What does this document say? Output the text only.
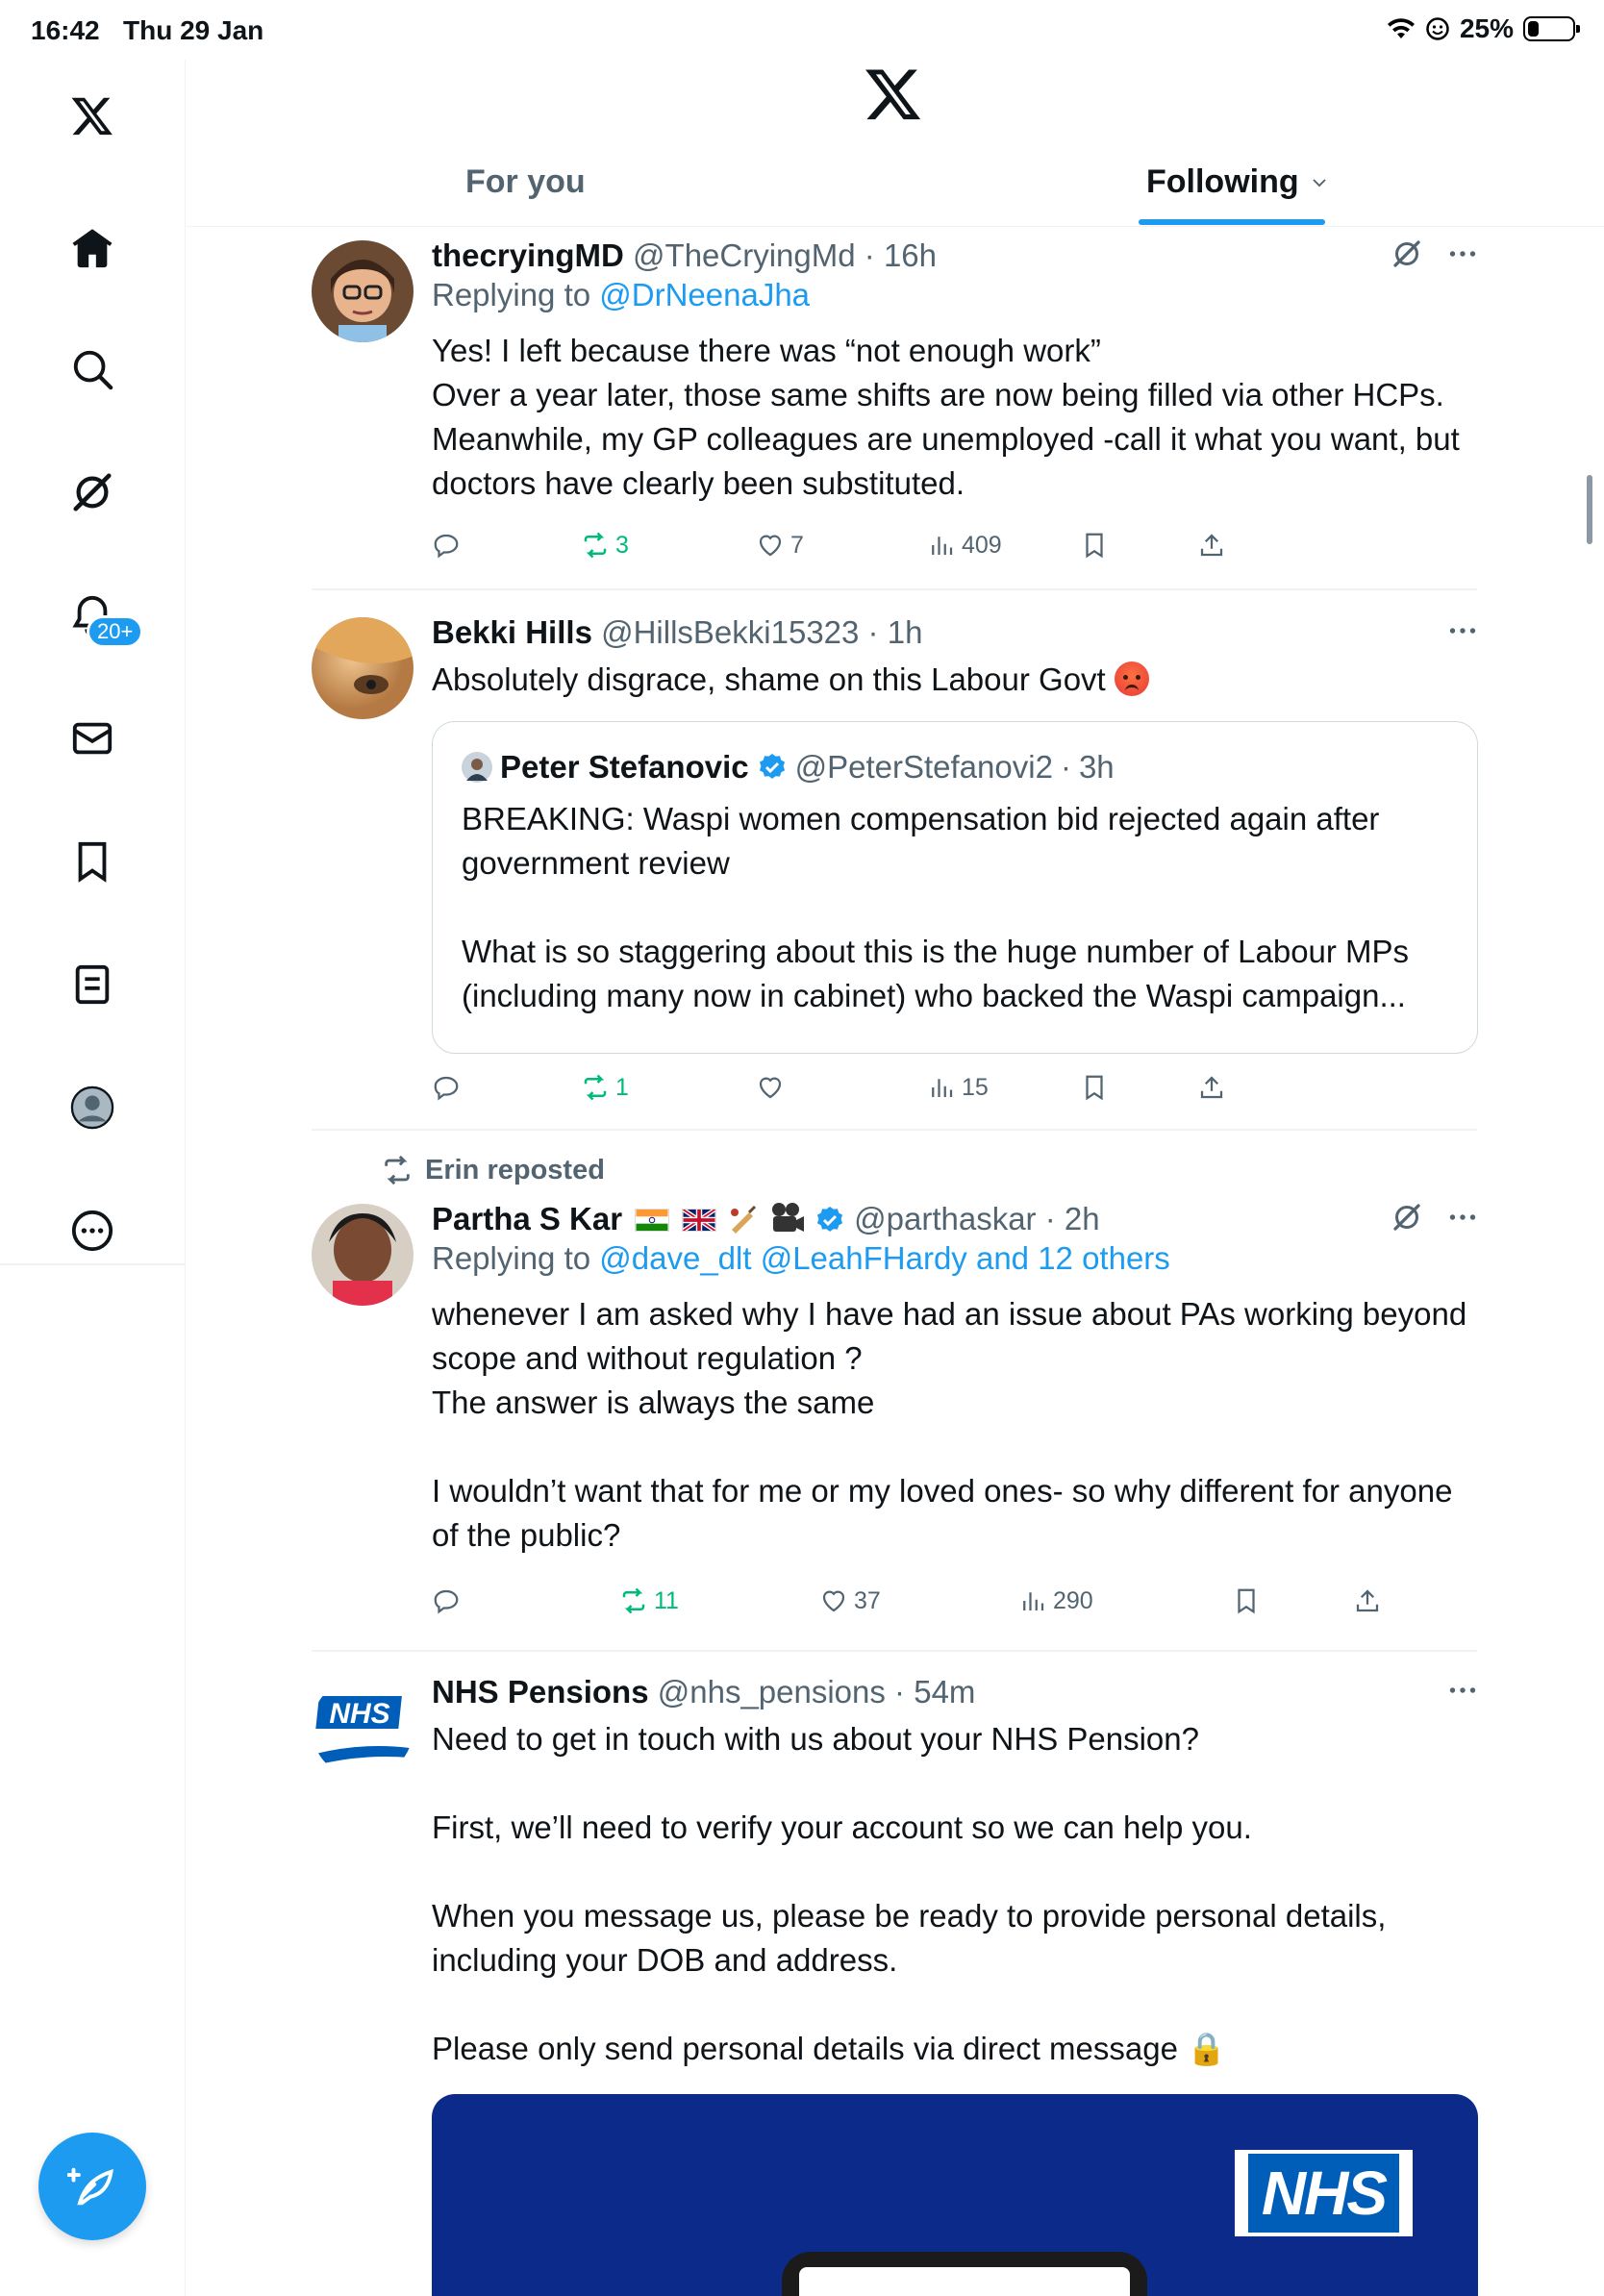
16:42 Thu 29 Jan	25%
20+
For you	Following
thecryingMD @TheCryingMd · 16h
Replying to @DrNeenaJha
Yes! I left because there was “not enough work”
Over a year later, those same shifts are now being filled via other HCPs. Meanwhile, my GP colleagues are unemployed -call it what you want, but doctors have clearly been substituted.
3	7	409
Bekki Hills @HillsBekki15323 · 1h
Absolutely disgrace, shame on this Labour Govt
Peter Stefanovic @PeterStefanovi2 · 3h
BREAKING: Waspi women compensation bid rejected again after government review

What is so staggering about this is the huge number of Labour MPs (including many now in cabinet) who backed the Waspi campaign...
1	15
Erin reposted
Partha S Kar	@parthaskar · 2h
Replying to @dave_dlt @LeahFHardy and 12 others
whenever I am asked why I have had an issue about PAs working beyond scope and without regulation ?
The answer is always the same

I wouldn’t want that for me or my loved ones- so why different for anyone of the public?
11	37	290
NHS
NHS Pensions @nhs_pensions · 54m
Need to get in touch with us about your NHS Pension?

First, we’ll need to verify your account so we can help you.

When you message us, please be ready to provide personal details, including your DOB and address.

Please only send personal details via direct message 🔒
NHS
